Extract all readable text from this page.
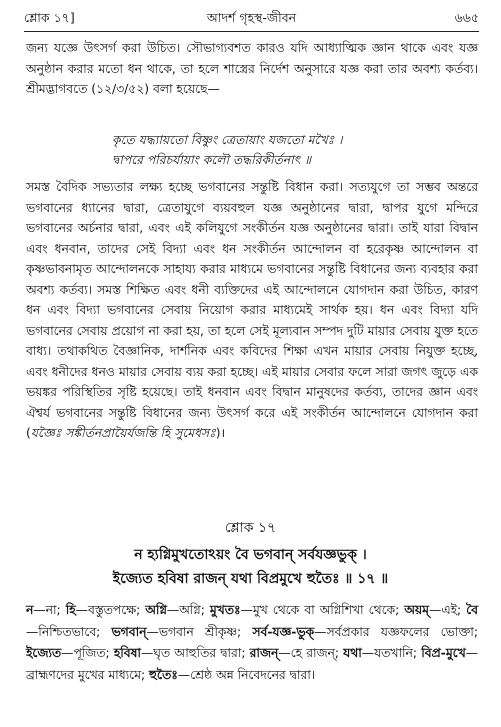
শ্লোক ১৭]	আদর্শ গৃহস্থ-জীবন	৬৬৫
জন্য যজ্ঞে উৎসর্গ করা উচিত। সৌভাগ্যবশত কারও যদি আধ্যাত্মিক জ্ঞান থাকে এবং যজ্ঞ অনুষ্ঠান করার মতো ধন থাকে, তা হলে শাস্ত্রের নির্দেশ অনুসারে যজ্ঞ করা তার অবশ্য কর্তব্য। শ্রীমদ্ভাগবতে (১২/৩/৫২) বলা হয়েছে—
কৃতে যদ্ধ্যায়তো বিষ্ণুং ত্রেতায়াং যজতো মখৈঃ ।
দ্বাপরে পরিচর্যায়াং কলৌ তদ্ধরিকীর্তনাৎ ॥
সমস্ত বৈদিক সভ্যতার লক্ষ্য হচ্ছে ভগবানের সন্তুষ্টি বিধান করা। সত্যযুগে তা সম্ভব অন্তরে ভগবানের ধ্যানের দ্বারা, ত্রেতাযুগে ব্যয়বহুল যজ্ঞ অনুষ্ঠানের দ্বারা, দ্বাপর যুগে মন্দিরে ভগবানের অর্চনার দ্বারা, এবং এই কলিযুগে সংকীর্তন যজ্ঞ অনুষ্ঠানের দ্বারা। তাই যারা বিদ্বান এবং ধনবান, তাদের সেই বিদ্যা এবং ধন সংকীর্তন আন্দোলন বা হরেকৃষ্ণ আন্দোলন বা কৃষ্ণভাবনামৃত আন্দোলনকে সাহায্য করার মাধ্যমে ভগবানের সন্তুষ্টি বিধানের জন্য ব্যবহার করা অবশ্য কর্তব্য। সমস্ত শিক্ষিত এবং ধনী ব্যক্তিদের এই আন্দোলনে যোগদান করা উচিত, কারণ ধন এবং বিদ্যা ভগবানের সেবায় নিয়োগ করার মাধ্যমেই সার্থক হয়। ধন এবং বিদ্যা যদি ভগবানের সেবায় প্রয়োগ না করা হয়, তা হলে সেই মূল্যবান সম্পদ দুটি মায়ার সেবায় যুক্ত হতে বাধ্য। তথাকথিত বৈজ্ঞানিক, দার্শনিক এবং কবিদের শিক্ষা এখন মায়ার সেবায় নিযুক্ত হচ্ছে, এবং ধনীদের ধনও মায়ার সেবায় ব্যয় করা হচ্ছে। এই মায়ার সেবার ফলে সারা জগৎ জুড়ে এক ভয়ঙ্কর পরিস্থিতির সৃষ্টি হয়েছে। তাই ধনবান এবং বিদ্বান মানুষদের কর্তব্য, তাদের জ্ঞান এবং ঐশ্বর্য ভগবানের সন্তুষ্টি বিধানের জন্য উৎসর্গ করে এই সংকীর্তন আন্দোলনে যোগদান করা (যজ্ঞৈঃ সঙ্কীর্তনপ্রায়ৈর্যজন্তি হি সুমেধসঃ)।
শ্লোক ১৭
ন হ্যগ্নিমুখতোঽয়ং বৈ ভগবান্ সর্বযজ্ঞভুক্ ।
ইজ্যেত হবিষা রাজন্ যথা বিপ্রমুখে হুতৈঃ ॥ ১৭ ॥
ন—না; হি—বস্তুতপক্ষে; অগ্নি—অগ্নি; মুখতঃ—মুখ থেকে বা অগ্নিশিখা থেকে; অয়ম্—এই; বৈ—নিশ্চিতভাবে; ভগবান্—ভগবান শ্রীকৃষ্ণ; সর্ব-যজ্ঞ-ভুক্—সর্বপ্রকার যজ্ঞফলের ভোক্তা; ইজ্যেত—পূজিত; হবিষা—ঘৃত আহুতির দ্বারা; রাজন্—হে রাজন্; যথা—যতখানি; বিপ্র-মুখে—ব্রাহ্মণদের মুখের মাধ্যমে; হুতৈঃ—শ্রেষ্ঠ অন্ন নিবেদনের দ্বারা।
